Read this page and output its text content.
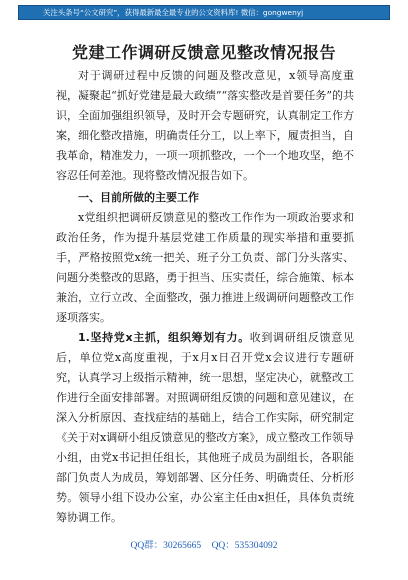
关注头条号“公文研究”，获得最新最全最专业的公文资料库! 微信：gongwenyj
党建工作调研反馈意见整改情况报告

对于调研过程中反馈的问题及整改意见，x领导高度重视，凝聚起“抓好党建是最大政绩”“落实整改是首要任务”的共识，全面加强组织领导，及时开会专题研究，认真制定工作方案，细化整改措施，明确责任分工，以上率下，履责担当，自我革命，精准发力，一项一项抓整改，一个一个地攻坚，绝不容忍任何差池。现将整改情况报告如下。

一、目前所做的主要工作

x党组织把调研反馈意见的整改工作作为一项政治要求和政治任务，作为提升基层党建工作质量的现实举措和重要抓手，严格按照党x统一把关、班子分工负责、部门分头落实、问题分类整改的思路，勇于担当、压实责任，综合施策、标本兼治，立行立改、全面整改，强力推进上级调研问题整改工作逐项落实。

1.坚持党x主抓，组织筹划有力。收到调研组反馈意见后，单位党x高度重视，于x月x日召开党x会议进行专题研究，认真学习上级指示精神，统一思想，坚定决心，就整改工作进行全面安排部署。对照调研组反馈的问题和意见建议，在深入分析原因、查找症结的基础上，结合工作实际，研究制定《关于对x调研小组反馈意见的整改方案》，成立整改工作领导小组，由党x书记担任组长，其他班子成员为副组长，各职能部门负责人为成员，筹划部署、区分任务、明确责任、分析形势。领导小组下设办公室，办公室主任由x担任，具体负责统筹协调工作。

QQ群：30265665 QQ：535304092
